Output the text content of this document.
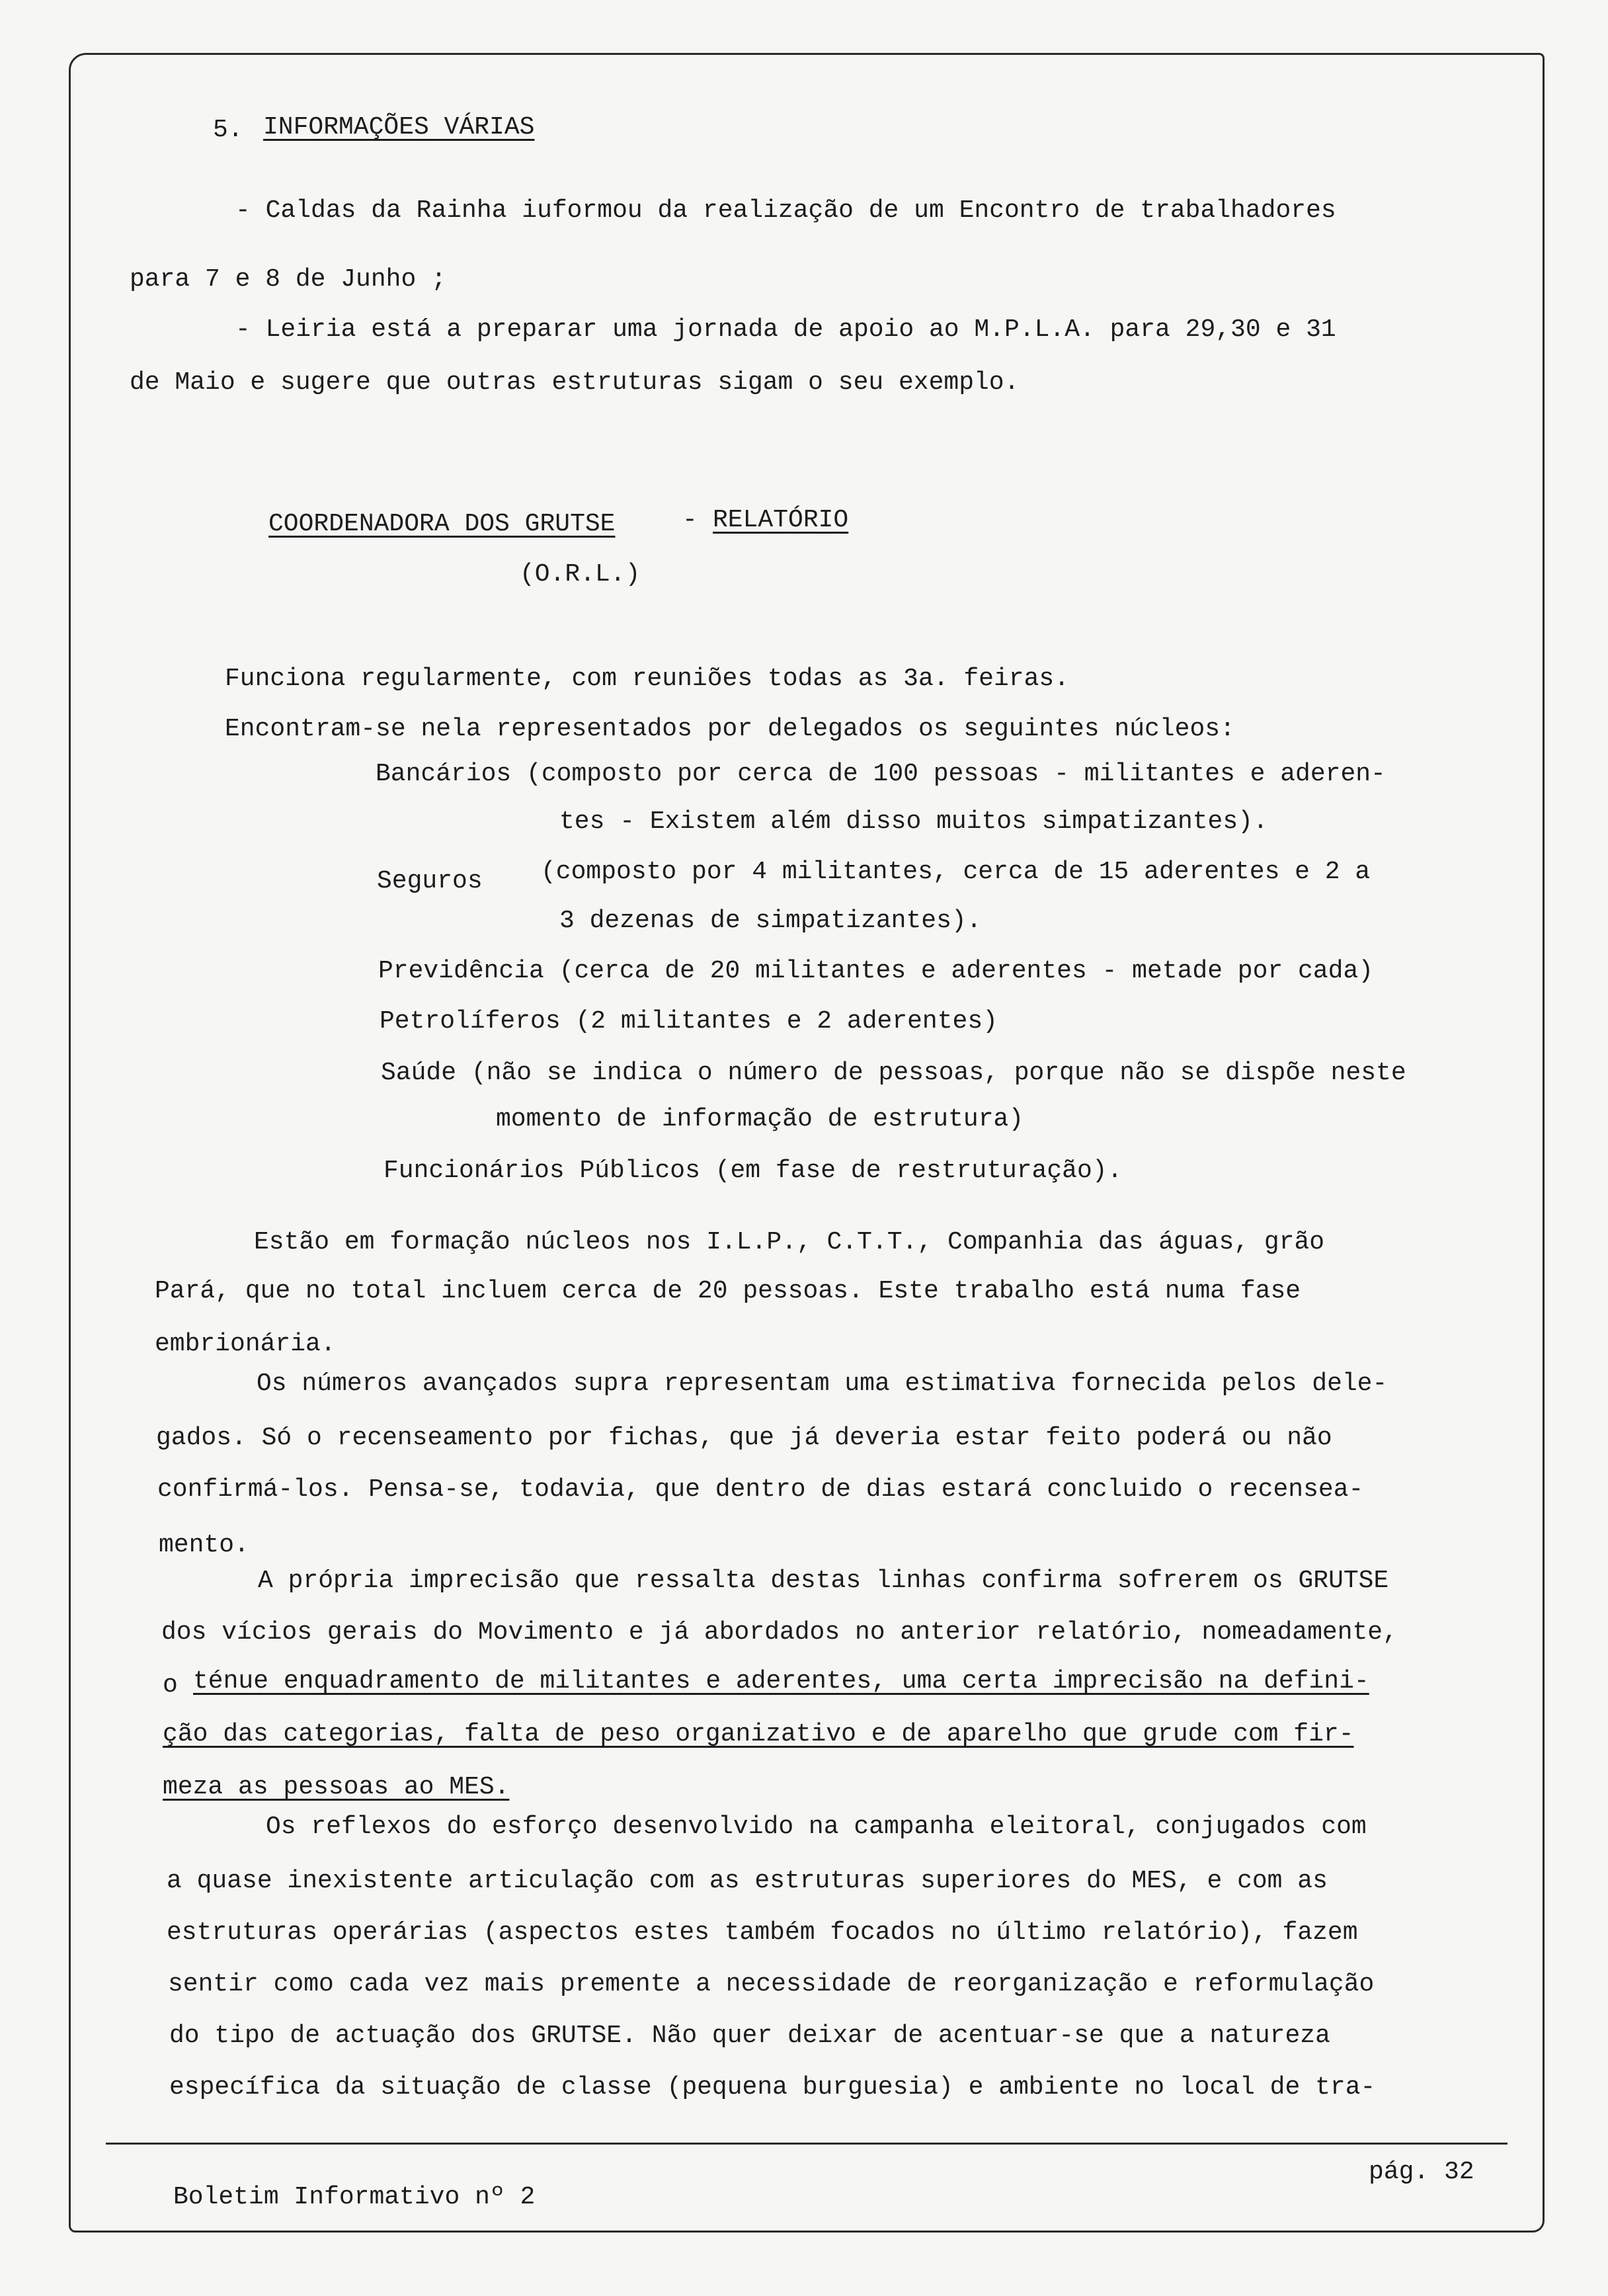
5. INFORMAÇÕES VÁRIAS
- Caldas da Rainha iuformou da realização de um Encontro de trabalhadores
para 7 e 8 de Junho ;
- Leiria está a preparar uma jornada de apoio ao M.P.L.A. para 29,30 e 31
de Maio e sugere que outras estruturas sigam o seu exemplo.
COORDENADORA DOS GRUTSE	- RELATÓRIO
(O.R.L.)
Funciona regularmente, com reuniões todas as 3a. feiras.
Encontram-se nela representados por delegados os seguintes núcleos:
Bancários (composto por cerca de 100 pessoas - militantes e aderen-
tes - Existem além disso muitos simpatizantes).
Seguros (composto por 4 militantes, cerca de 15 aderentes e 2 a
3 dezenas de simpatizantes).
Previdência (cerca de 20 militantes e aderentes - metade por cada)
Petrolíferos (2 militantes e 2 aderentes)
Saúde (não se indica o número de pessoas, porque não se dispõe neste
momento de informação de estrutura)
Funcionários Públicos (em fase de restruturação).
Estão em formação núcleos nos I.L.P., C.T.T., Companhia das águas, grão
Pará, que no total incluem cerca de 20 pessoas. Este trabalho está numa fase
embrionária.
Os números avançados supra representam uma estimativa fornecida pelos dele-
gados. Só o recenseamento por fichas, que já deveria estar feito poderá ou não
confirmá-los. Pensa-se, todavia, que dentro de dias estará concluido o recensea-
mento.
A própria imprecisão que ressalta destas linhas confirma sofrerem os GRUTSE
dos vícios gerais do Movimento e já abordados no anterior relatório, nomeadamente,
o ténue enquadramento de militantes e aderentes, uma certa imprecisão na defini-
ção das categorias, falta de peso organizativo e de aparelho que grude com fir-
meza as pessoas ao MES.
Os reflexos do esforço desenvolvido na campanha eleitoral, conjugados com
a quase inexistente articulação com as estruturas superiores do MES, e com as
estruturas operárias (aspectos estes também focados no último relatório), fazem
sentir como cada vez mais premente a necessidade de reorganização e reformulação
do tipo de actuação dos GRUTSE. Não quer deixar de acentuar-se que a natureza
específica da situação de classe (pequena burguesia) e ambiente no local de tra-
Boletim Informativo nº 2
pág. 32
